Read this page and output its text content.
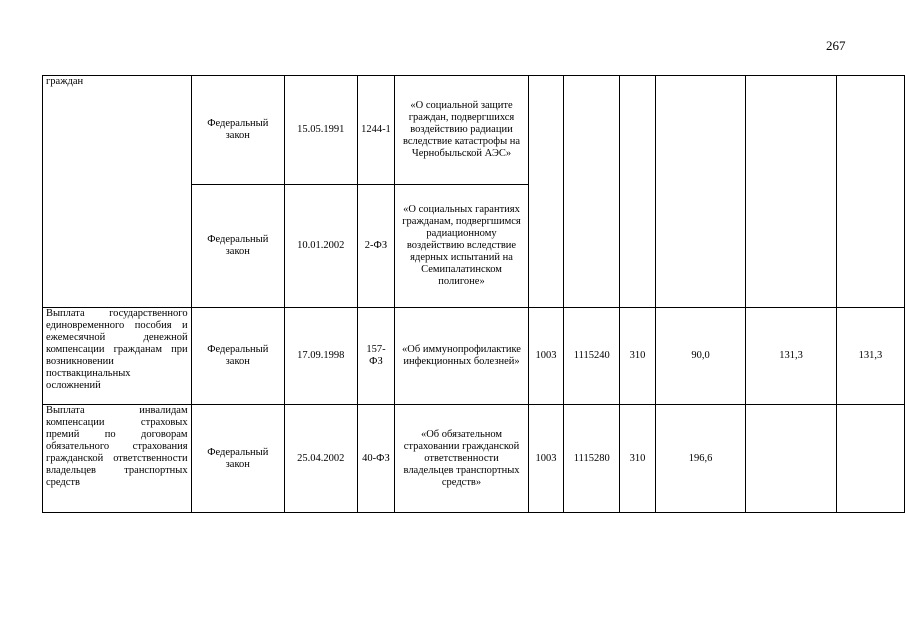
267
граждан	Федеральный закон	15.05.1991	1244-1	«О социальной защите граждан, подвергшихся воздействию радиации вследствие катастрофы на Чернобыльской АЭС»						
	Федеральный закон	10.01.2002	2-ФЗ	«О социальных гарантиях гражданам, подвергшимся радиационному воздействию вследствие ядерных испытаний на Семипалатинском полигоне»						
Выплата государственного единовременного пособия и ежемесячной денежной компенсации гражданам при возникновении поствакцинальных осложнений	Федеральный закон	17.09.1998	157-ФЗ	«Об иммунопрофилактике инфекционных болезней»	1003	1115240	310	90,0	131,3	131,3
Выплата инвалидам компенсации страховых премий по договорам обязательного страхования гражданской ответственности владельцев транспортных средств	Федеральный закон	25.04.2002	40-ФЗ	«Об обязательном страховании гражданской ответственности владельцев транспортных средств»	1003	1115280	310	196,6		
